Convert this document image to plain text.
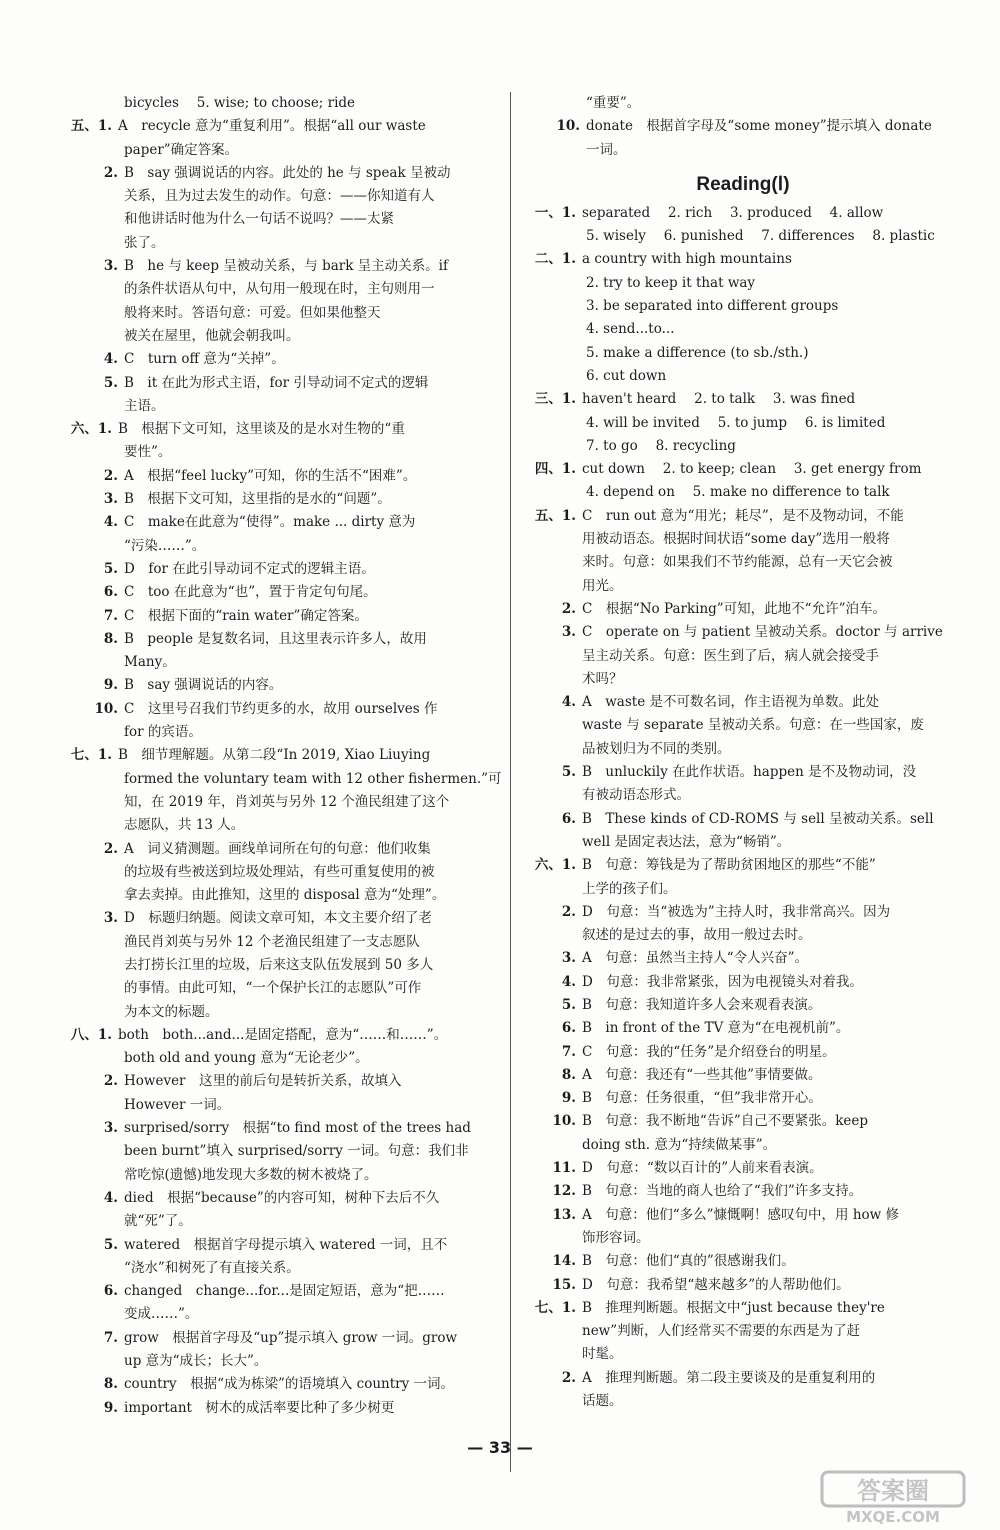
bicycles　 5. wise; to choose; ride
五、1. A　recycle 意为“重复利用”。根据“all our waste
paper”确定答案。
2. B　say 强调说话的内容。此处的 he 与 speak 呈被动
关系，且为过去发生的动作。句意：——你知道有人
和他讲话时他为什么一句话不说吗？——太紧
张了。
3. B　he 与 keep 呈被动关系，与 bark 呈主动关系。if
的条件状语从句中，从句用一般现在时，主句则用一
般将来时。答语句意：可爱。但如果他整天
被关在屋里，他就会朝我叫。
4. C　turn off 意为“关掉”。
5. B　it 在此为形式主语，for 引导动词不定式的逻辑
主语。
六、1. B　根据下文可知，这里谈及的是水对生物的“重
要性”。
2. A　根据“feel lucky”可知，你的生活不“困难”。
3. B　根据下文可知，这里指的是水的“问题”。
4. C　make在此意为“使得”。make ... dirty 意为
“污染……”。
5. D　for 在此引导动词不定式的逻辑主语。
6. C　too 在此意为“也”，置于肯定句句尾。
7. C　根据下面的“rain water”确定答案。
8. B　people 是复数名词，且这里表示许多人，故用
Many。
9. B　say 强调说话的内容。
10. C　这里号召我们节约更多的水，故用 ourselves 作
for 的宾语。
七、1. B　细节理解题。从第二段“In 2019, Xiao Liuying
formed the voluntary team with 12 other fishermen.”可
知，在 2019 年，肖刘英与另外 12 个渔民组建了这个
志愿队，共 13 人。
2. A　词义猜测题。画线单词所在句的句意：他们收集
的垃圾有些被送到垃圾处理站，有些可重复使用的被
拿去卖掉。由此推知，这里的 disposal 意为“处理”。
3. D　标题归纳题。阅读文章可知，本文主要介绍了老
渔民肖刘英与另外 12 个老渔民组建了一支志愿队
去打捞长江里的垃圾，后来这支队伍发展到 50 多人
的事情。由此可知，“一个保护长江的志愿队”可作
为本文的标题。
八、1. both　both...and...是固定搭配，意为“……和……”。
both old and young 意为“无论老少”。
2. However　这里的前后句是转折关系，故填入
However 一词。
3. surprised/sorry　根据“to find most of the trees had
been burnt”填入 surprised/sorry 一词。句意：我们非
常吃惊(遗憾)地发现大多数的树木被烧了。
4. died　根据“because”的内容可知，树种下去后不久
就“死”了。
5. watered　根据首字母提示填入 watered 一词，且不
“浇水”和树死了有直接关系。
6. changed　change...for...是固定短语，意为“把……
变成……”。
7. grow　根据首字母及“up”提示填入 grow 一词。grow
up 意为“成长；长大”。
8. country　根据“成为栋梁”的语境填入 country 一词。
9. important　树木的成活率要比种了多少树更
“重要”。
10. donate　根据首字母及“some money”提示填入 donate
一词。
Reading(Ⅰ)
一、1. separated　 2. rich　 3. produced　 4. allow
5. wisely　 6. punished　 7. differences　 8. plastic
二、1. a country with high mountains
2. try to keep it that way
3. be separated into different groups
4. send...to...
5. make a difference (to sb./sth.)
6. cut down
三、1. haven't heard　 2. to talk　 3. was fined
4. will be invited　 5. to jump　 6. is limited
7. to go　 8. recycling
四、1. cut down　 2. to keep; clean　 3. get energy from
4. depend on　 5. make no difference to talk
五、1. C　run out 意为“用光；耗尽”，是不及物动词，不能
用被动语态。根据时间状语“some day”选用一般将
来时。句意：如果我们不节约能源，总有一天它会被
用光。
2. C　根据“No Parking”可知，此地不“允许”泊车。
3. C　operate on 与 patient 呈被动关系。doctor 与 arrive
呈主动关系。句意：医生到了后，病人就会接受手
术吗？
4. A　waste 是不可数名词，作主语视为单数。此处
waste 与 separate 呈被动关系。句意：在一些国家，废
品被划归为不同的类别。
5. B　unluckily 在此作状语。happen 是不及物动词，没
有被动语态形式。
6. B　These kinds of CD-ROMS 与 sell 呈被动关系。sell
well 是固定表达法，意为“畅销”。
六、1. B　句意：筹钱是为了帮助贫困地区的那些“不能”
上学的孩子们。
2. D　句意：当“被选为”主持人时，我非常高兴。因为
叙述的是过去的事，故用一般过去时。
3. A　句意：虽然当主持人“令人兴奋”。
4. D　句意：我非常紧张，因为电视镜头对着我。
5. B　句意：我知道许多人会来观看表演。
6. B　in front of the TV 意为“在电视机前”。
7. C　句意：我的“任务”是介绍登台的明星。
8. A　句意：我还有“一些其他”事情要做。
9. B　句意：任务很重，“但”我非常开心。
10. B　句意：我不断地“告诉”自己不要紧张。keep
doing sth. 意为“持续做某事”。
11. D　句意：“数以百计的”人前来看表演。
12. B　句意：当地的商人也给了“我们”许多支持。
13. A　句意：他们“多么”慷慨啊！感叹句中，用 how 修
饰形容词。
14. B　句意：他们“真的”很感谢我们。
15. D　句意：我希望“越来越多”的人帮助他们。
七、1. B　推理判断题。根据文中“just because they're
new”判断，人们经常买不需要的东西是为了赶
时髦。
2. A　推理判断题。第二段主要谈及的是重复利用的
话题。
— 33 —
答案圈
MXQE.COM
